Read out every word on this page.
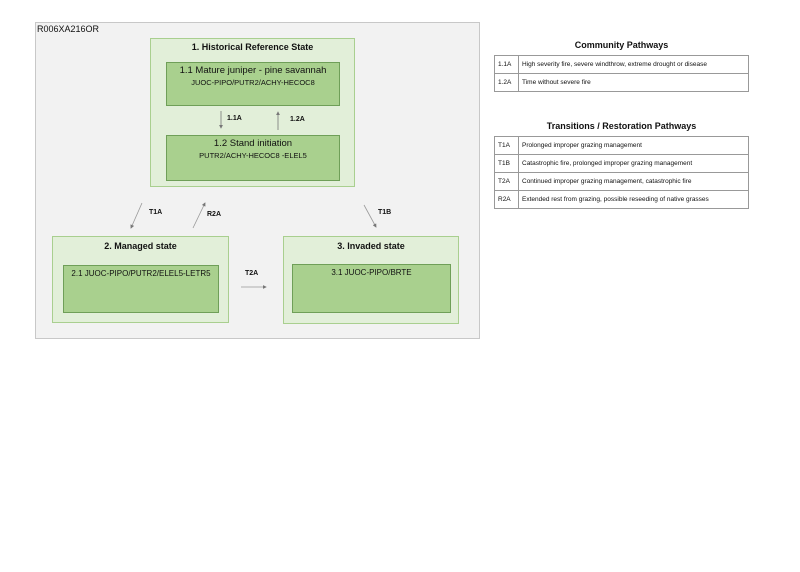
R006XA216OR
1. Historical Reference State
1.1 Mature juniper - pine savannah
JUOC-PIPO/PUTR2/ACHY-HECOC8
1.2 Stand initiation
PUTR2/ACHY-HECOC8 -ELEL5
2. Managed state
2.1 JUOC-PIPO/PUTR2/ELEL5-LETR5
3. Invaded state
3.1 JUOC-PIPO/BRTE
1.1A	1.2A
T1A	R2A	T1B
T2A
Community Pathways
1.1A	High severity fire, severe windthrow, extreme drought or disease
1.2A	Time without severe fire
Transitions / Restoration Pathways
T1A	Prolonged improper grazing management
T1B	Catastrophic fire, prolonged improper grazing management
T2A	Continued improper grazing management, catastrophic fire
R2A	Extended rest from grazing, possible reseeding of native grasses
